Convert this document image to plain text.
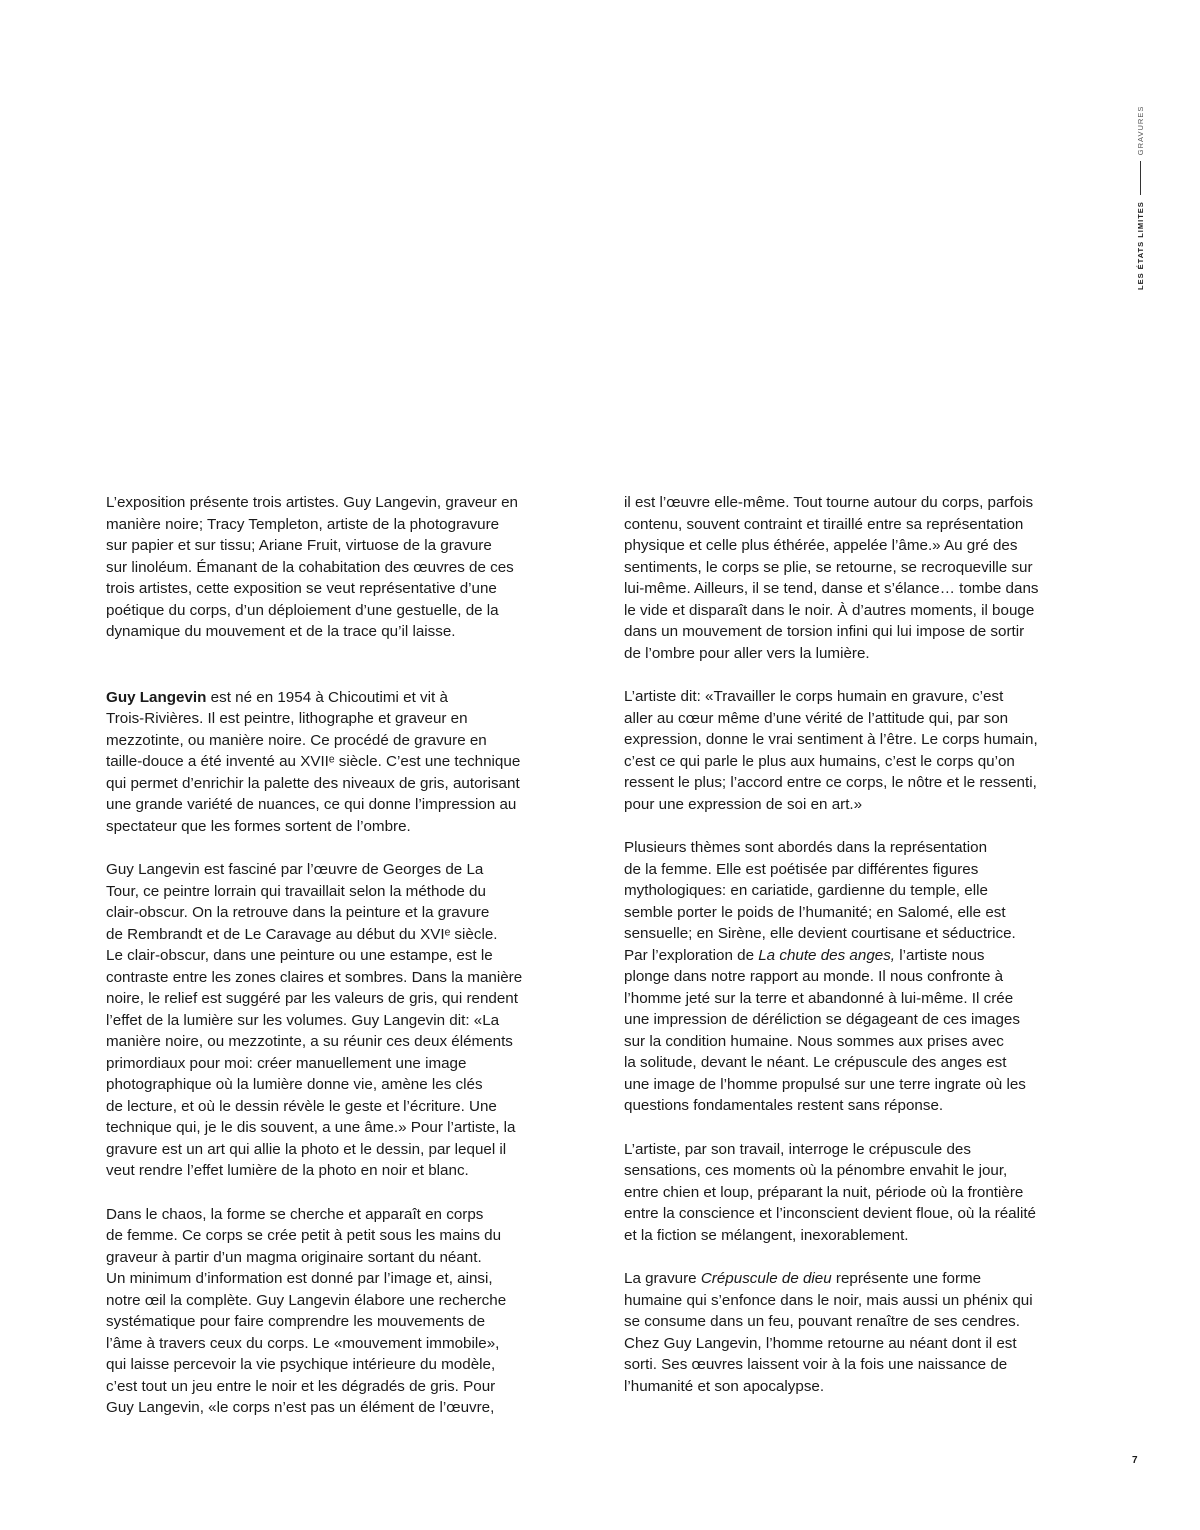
LES ÉTATS LIMITES
GRAVURES

L’exposition présente trois artistes. Guy Langevin, graveur en

manière noire; Tracy Templeton, artiste de la photogravure

sur papier et sur tissu; Ariane Fruit, virtuose de la gravure

sur linoléum. Émanant de la cohabitation des œuvres de ces

trois artistes, cette exposition se veut représentative d’une

poétique du corps, d’un déploiement d’une gestuelle, de la

dynamique du mouvement et de la trace qu’il laisse.

Guy Langevin est né en 1954 à Chicoutimi et vit à

Trois-Rivières. Il est peintre, lithographe et graveur en

mezzotinte, ou manière noire. Ce procédé de gravure en

taille-douce a été inventé au XVIIᵉ siècle. C’est une technique

qui permet d’enrichir la palette des niveaux de gris, autorisant

une grande variété de nuances, ce qui donne l’impression au

spectateur que les formes sortent de l’ombre.

Guy Langevin est fasciné par l’œuvre de Georges de La

Tour, ce peintre lorrain qui travaillait selon la méthode du

clair-obscur. On la retrouve dans la peinture et la gravure

de Rembrandt et de Le Caravage au début du XVIᵉ siècle.

Le clair-obscur, dans une peinture ou une estampe, est le

contraste entre les zones claires et sombres. Dans la manière

noire, le relief est suggéré par les valeurs de gris, qui rendent

l’effet de la lumière sur les volumes. Guy Langevin dit: «La

manière noire, ou mezzotinte, a su réunir ces deux éléments

primordiaux pour moi: créer manuellement une image

photographique où la lumière donne vie, amène les clés

de lecture, et où le dessin révèle le geste et l’écriture. Une

technique qui, je le dis souvent, a une âme.» Pour l’artiste, la

gravure est un art qui allie la photo et le dessin, par lequel il

veut rendre l’effet lumière de la photo en noir et blanc.

Dans le chaos, la forme se cherche et apparaît en corps

de femme. Ce corps se crée petit à petit sous les mains du

graveur à partir d’un magma originaire sortant du néant.

Un minimum d’information est donné par l’image et, ainsi,

notre œil la complète. Guy Langevin élabore une recherche

systématique pour faire comprendre les mouvements de

l’âme à travers ceux du corps. Le «mouvement immobile»,

qui laisse percevoir la vie psychique intérieure du modèle,

c’est tout un jeu entre le noir et les dégradés de gris. Pour

Guy Langevin, «le corps n’est pas un élément de l’œuvre,

il est l’œuvre elle-même. Tout tourne autour du corps, parfois

contenu, souvent contraint et tiraillé entre sa représentation

physique et celle plus éthérée, appelée l’âme.» Au gré des

sentiments, le corps se plie, se retourne, se recroqueville sur

lui-même. Ailleurs, il se tend, danse et s’élance… tombe dans

le vide et disparaît dans le noir. À d’autres moments, il bouge

dans un mouvement de torsion infini qui lui impose de sortir

de l’ombre pour aller vers la lumière.

L’artiste dit: «Travailler le corps humain en gravure, c’est

aller au cœur même d’une vérité de l’attitude qui, par son

expression, donne le vrai sentiment à l’être. Le corps humain,

c’est ce qui parle le plus aux humains, c’est le corps qu’on

ressent le plus; l’accord entre ce corps, le nôtre et le ressenti,

pour une expression de soi en art.»

Plusieurs thèmes sont abordés dans la représentation

de la femme. Elle est poétisée par différentes figures

mythologiques: en cariatide, gardienne du temple, elle

semble porter le poids de l’humanité; en Salomé, elle est

sensuelle; en Sirène, elle devient courtisane et séductrice.

Par l’exploration de La chute des anges, l’artiste nous

plonge dans notre rapport au monde. Il nous confronte à

l’homme jeté sur la terre et abandonné à lui-même. Il crée

une impression de déréliction se dégageant de ces images

sur la condition humaine. Nous sommes aux prises avec

la solitude, devant le néant. Le crépuscule des anges est

une image de l’homme propulsé sur une terre ingrate où les

questions fondamentales restent sans réponse.

L’artiste, par son travail, interroge le crépuscule des

sensations, ces moments où la pénombre envahit le jour,

entre chien et loup, préparant la nuit, période où la frontière

entre la conscience et l’inconscient devient floue, où la réalité

et la fiction se mélangent, inexorablement.

La gravure Crépuscule de dieu représente une forme

humaine qui s’enfonce dans le noir, mais aussi un phénix qui

se consume dans un feu, pouvant renaître de ses cendres.

Chez Guy Langevin, l’homme retourne au néant dont il est

sorti. Ses œuvres laissent voir à la fois une naissance de

l’humanité et son apocalypse.

7
